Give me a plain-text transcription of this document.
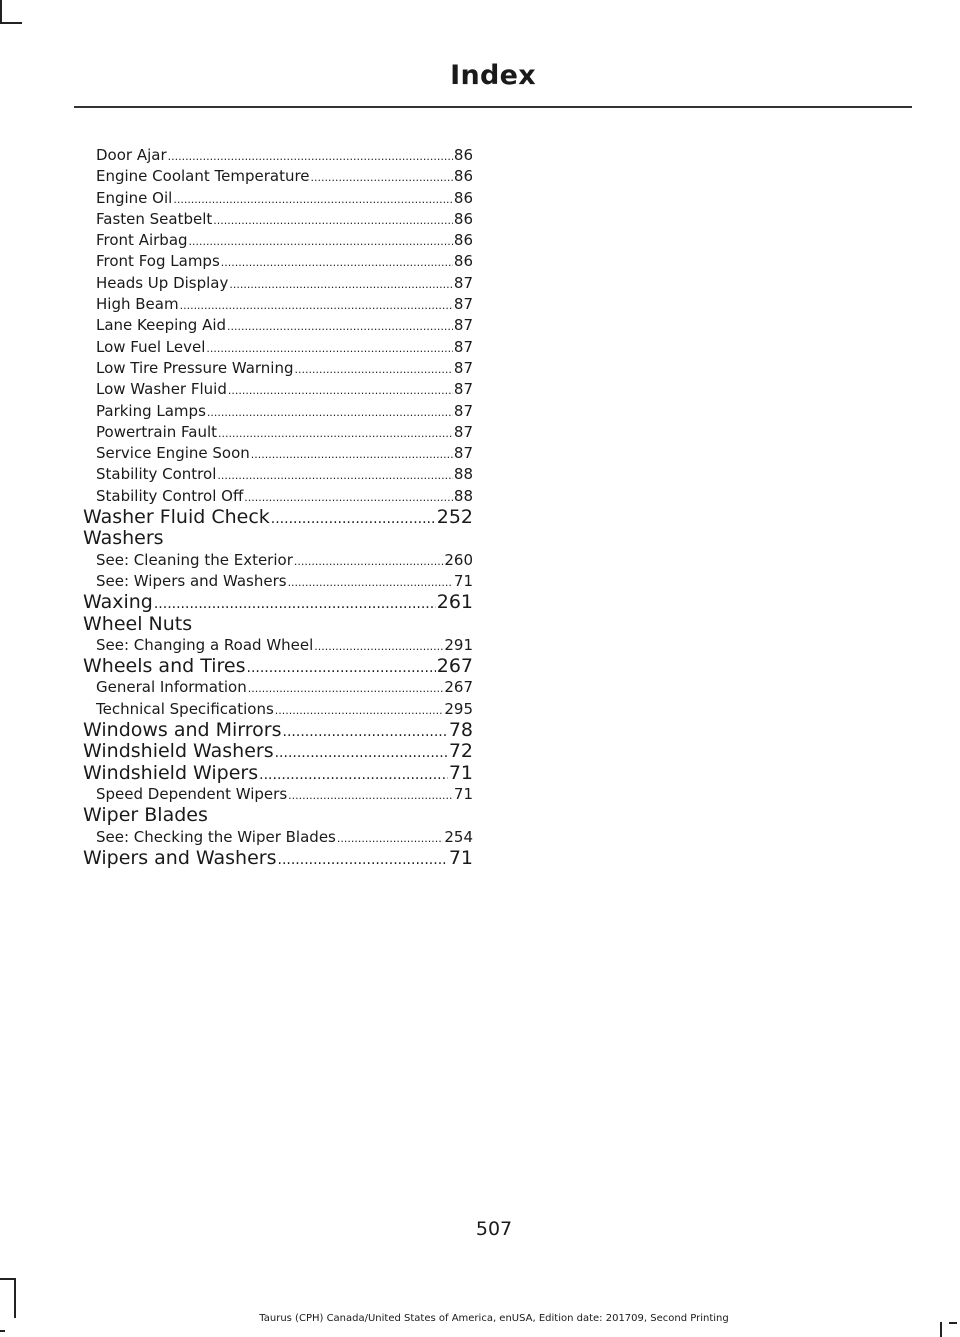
Index
Door Ajar .....	86
Engine Coolant Temperature .....	86
Engine Oil .....	86
Fasten Seatbelt .....	86
Front Airbag .....	86
Front Fog Lamps .....	86
Heads Up Display .....	87
High Beam .....	87
Lane Keeping Aid .....	87
Low Fuel Level .....	87
Low Tire Pressure Warning .....	87
Low Washer Fluid .....	87
Parking Lamps .....	87
Powertrain Fault .....	87
Service Engine Soon .....	87
Stability Control .....	88
Stability Control Off .....	88
Washer Fluid Check .....	252
Washers
See: Cleaning the Exterior .....	260
See: Wipers and Washers .....	71
Waxing .....	261
Wheel Nuts
See: Changing a Road Wheel .....	291
Wheels and Tires .....	267
General Information .....	267
Technical Specifications .....	295
Windows and Mirrors .....	78
Windshield Washers .....	72
Windshield Wipers .....	71
Speed Dependent Wipers .....	71
Wiper Blades
See: Checking the Wiper Blades .....	254
Wipers and Washers .....	71
507
Taurus (CPH) Canada/United States of America, enUSA, Edition date: 201709, Second Printing
